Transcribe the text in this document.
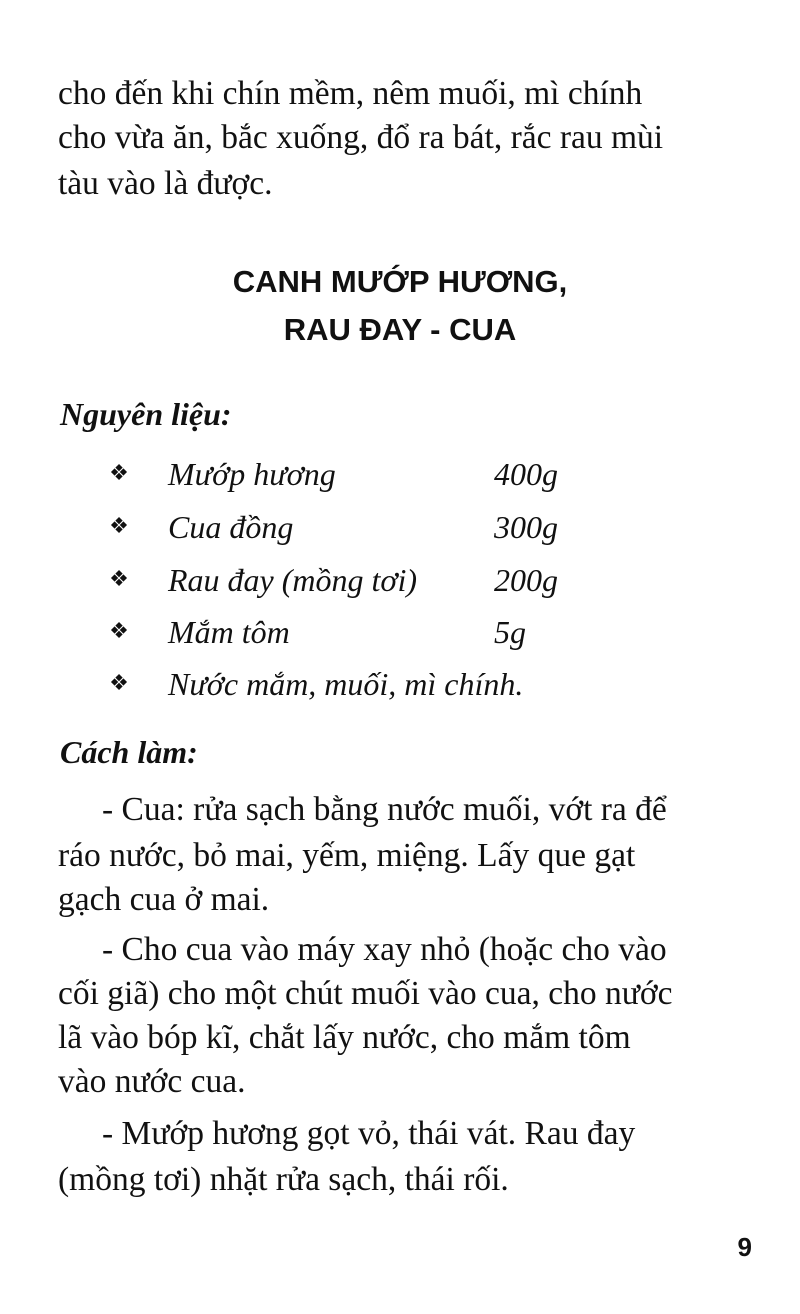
cho đến khi chín mềm, nêm muối, mì chính
cho vừa ăn, bắc xuống, đổ ra bát, rắc rau mùi
tàu vào là được.
CANH MƯỚP HƯƠNG,
RAU ĐAY - CUA
Nguyên liệu:
❖ Mướp hương	400g
❖ Cua đồng	300g
❖ Rau đay (mồng tơi) 200g
❖ Mắm tôm	5g
❖ Nước mắm, muối, mì chính.
Cách làm:
- Cua: rửa sạch bằng nước muối, vớt ra để
ráo nước, bỏ mai, yếm, miệng. Lấy que gạt
gạch cua ở mai.
- Cho cua vào máy xay nhỏ (hoặc cho vào
cối giã) cho một chút muối vào cua, cho nước
lã vào bóp kĩ, chắt lấy nước, cho mắm tôm
vào nước cua.
- Mướp hương gọt vỏ, thái vát. Rau đay
(mồng tơi) nhặt rửa sạch, thái rối.
9
